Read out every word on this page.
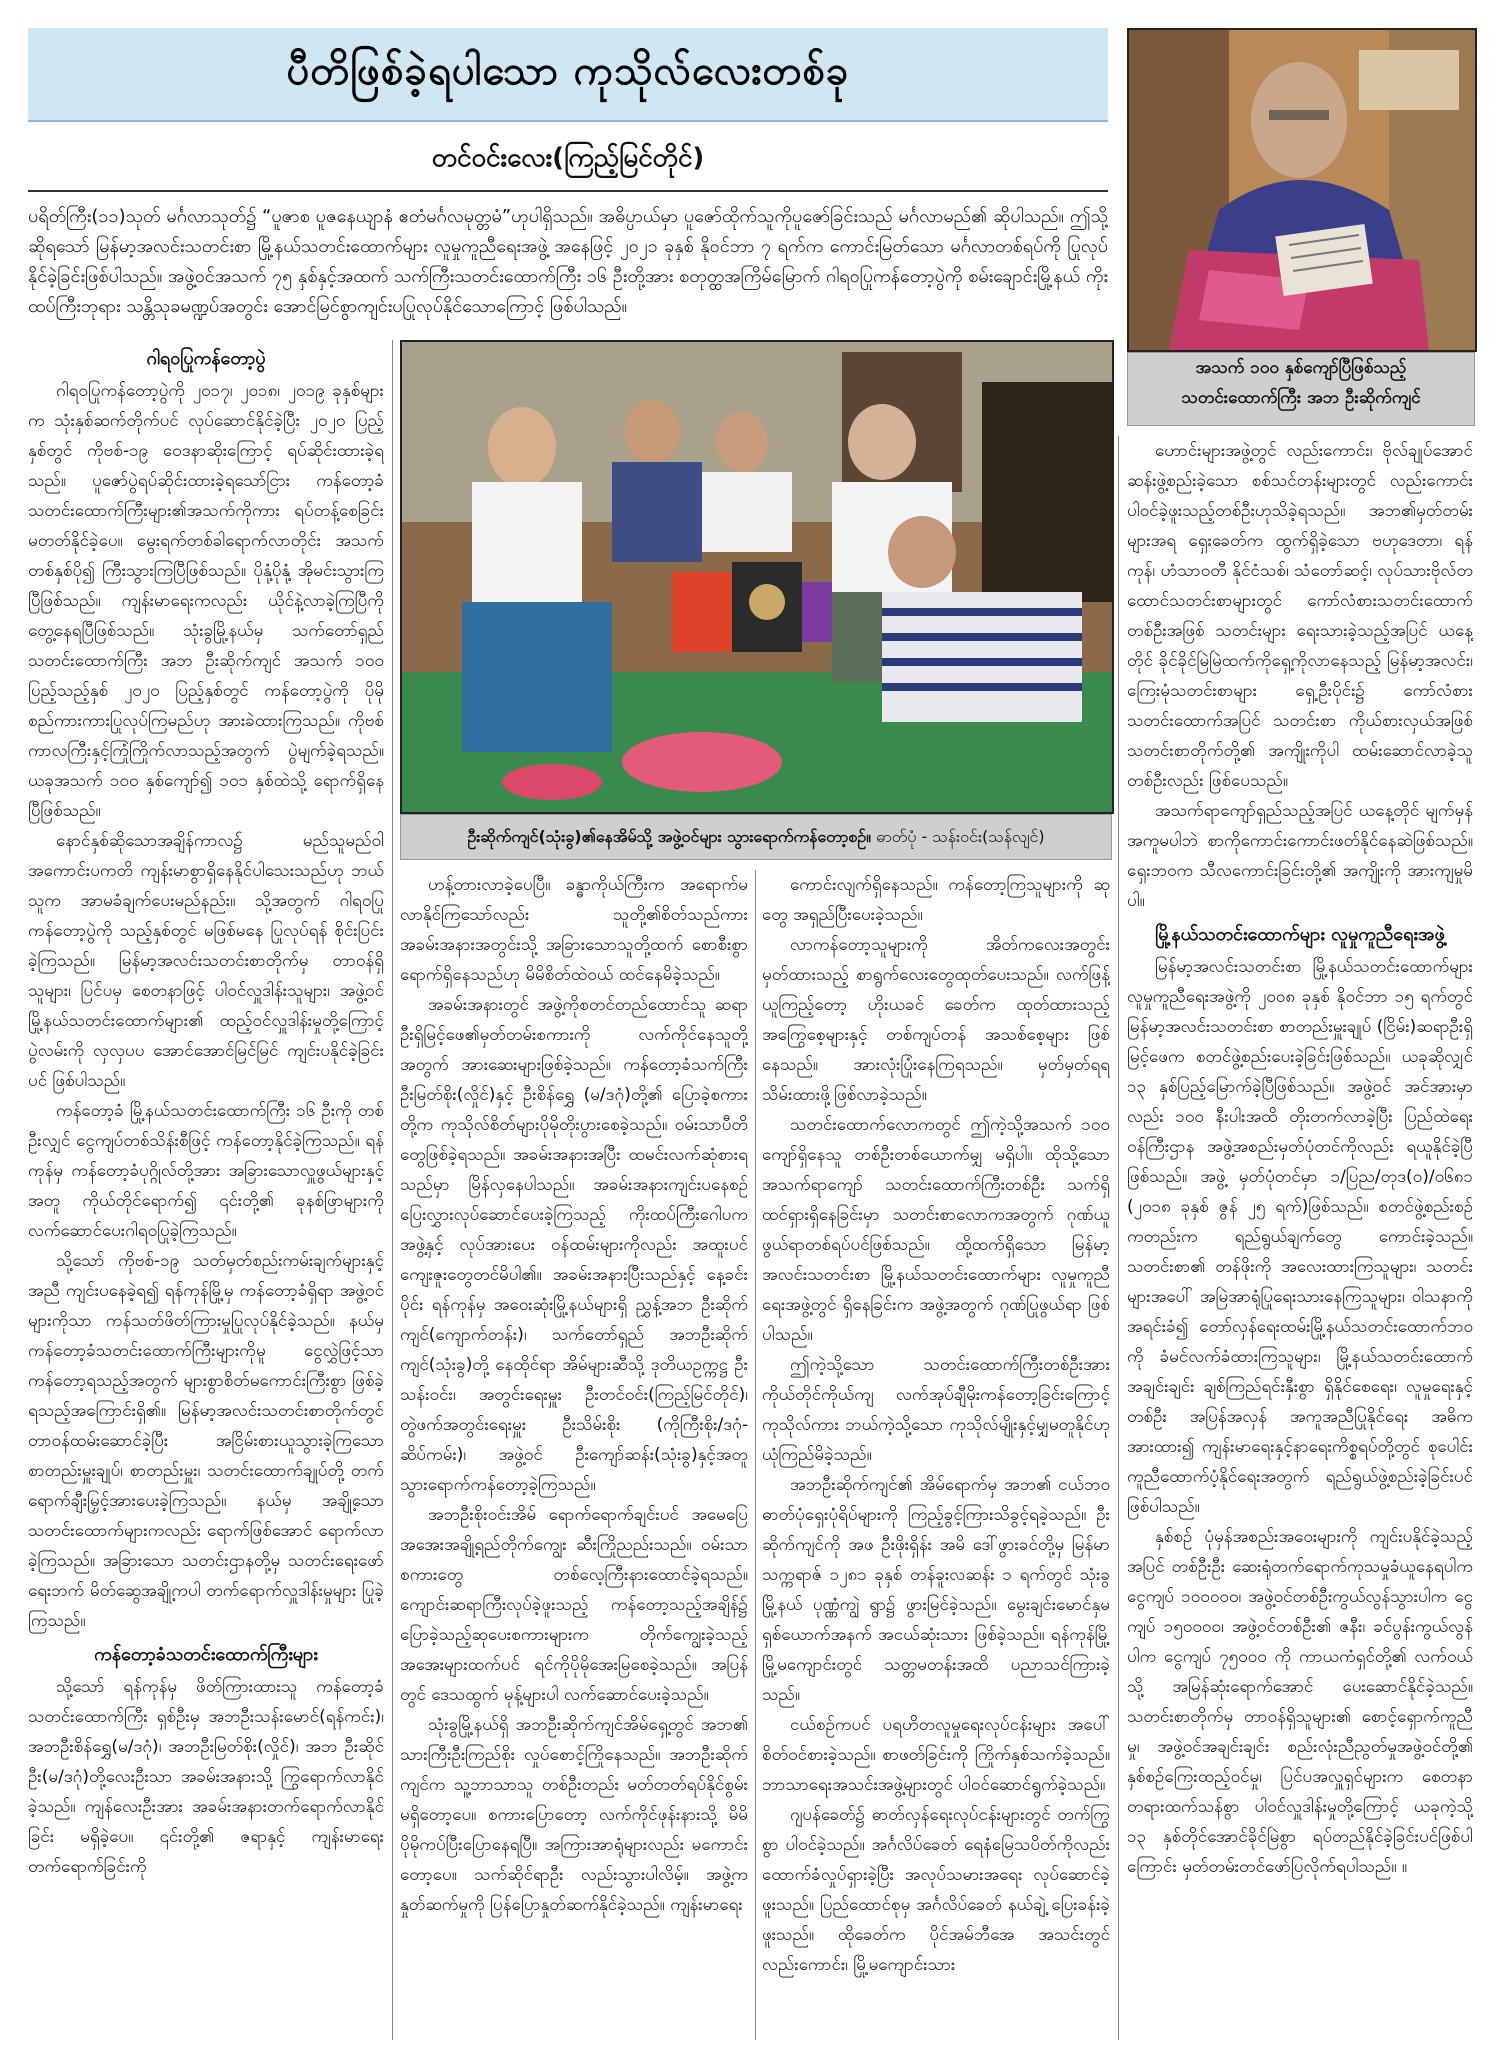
ပီတိဖြစ်ခဲ့ရပါသော ကုသိုလ်လေးတစ်ခု
တင်ဝင်းလေး(ကြည့်မြင်တိုင်)
ပရိတ်ကြီး(၁၁)သုတ် မင်္ဂလာသုတ်၌ “ပူဇာစ ပူဇနေယျာနံ ဧတံမင်္ဂလမုတ္တမံ”ဟုပါရှိသည်။ အဓိပ္ပာယ်မှာ ပူဇော်ထိုက်သူကိုပူဇော်ခြင်းသည် မင်္ဂလာမည်၏ ဆိုပါသည်။ ဤသို့ဆိုရသော် မြန်မာ့အလင်းသတင်းစာ မြို့နယ်သတင်းထောက်များ လူမှုကူညီရေးအဖွဲ့ အနေဖြင့် ၂၀၂၁ ခုနှစ် နိုဝင်ဘာ ၇ ရက်က ကောင်းမြတ်သော မင်္ဂလာတစ်ရပ်ကို ပြုလုပ်နိုင်ခဲ့ခြင်းဖြစ်ပါသည်။ အဖွဲ့ဝင်အသက် ၇၅ နှစ်နှင့်အထက် သက်ကြီးသတင်းထောက်ကြီး ၁၆ ဦးတို့အား စတုတ္ထအကြိမ်မြောက် ဂါရဝပြုကန်တော့ပွဲကို စမ်းချောင်းမြို့နယ် ကိုးထပ်ကြီးဘုရား သန္တိသုခမဏ္ဍပ်အတွင်း အောင်မြင်စွာကျင်းပပြုလုပ်နိုင်သောကြောင့် ဖြစ်ပါသည်။
အသက် ၁၀၀ နှစ်ကျော်ပြီဖြစ်သည့်
သတင်းထောက်ကြီး အဘ ဦးဆိုက်ကျင်
ဦးဆိုက်ကျင်(သုံးခွ)၏နေအိမ်သို့ အဖွဲ့ဝင်များ သွားရောက်ကန်တော့စဉ်။ ဓာတ်ပုံ - သန်းဝင်း(သန်လျင်)
ဂါရဝပြုကန်တော့ပွဲ

ဂါရဝပြုကန်တော့ပွဲကို ၂၀၁၇၊ ၂၀၁၈၊ ၂၀၁၉ ခုနှစ်များက သုံးနှစ်ဆက်တိုက်ပင် လုပ်ဆောင်နိုင်ခဲ့ပြီး ၂၀၂၀ ပြည့်နှစ်တွင် ကိုဗစ်-၁၉ ဝေဒနာဆိုးကြောင့် ရပ်ဆိုင်းထားခဲ့ရသည်။ ပူဇော်ပွဲရပ်ဆိုင်းထားခဲ့ရသော်ငြား ကန်တော့ခံသတင်းထောက်ကြီးများ၏အသက်ကိုကား ရပ်တန့်စေခြင်း မတတ်နိုင်ခဲ့ပေ။ မွေးရက်တစ်ခါရောက်လာတိုင်း အသက်တစ်နှစ်ပို၍ ကြီးသွားကြပြီဖြစ်သည်။ ပိုနုံ့ပိုနုံ့ အိုမင်းသွားကြပြီဖြစ်သည်။ ကျန်းမာရေးကလည်း ယိုင်နဲ့လာခဲ့ကြပြီကို တွေ့နေရပြီဖြစ်သည်။ သုံးခွမြို့နယ်မှ သက်တော်ရှည်သတင်းထောက်ကြီး အဘ ဦးဆိုက်ကျင် အသက် ၁၀၀ ပြည့်သည့်နှစ် ၂၀၂၀ ပြည့်နှစ်တွင် ကန်တော့ပွဲကို ပိုမိုစည်ကားကားပြုလုပ်ကြမည်ဟု အားခဲထားကြသည်။ ကိုဗစ်ကာလကြီးနှင့်ကြုံကြိုက်လာသည့်အတွက် ပွဲမျက်ခဲ့ရသည်။ ယခုအသက် ၁၀၀ နှစ်ကျော်၍ ၁၀၁ နှစ်ထဲသို့ ရောက်ရှိနေပြီဖြစ်သည်။

နောင်နှစ်ဆိုသောအချိန်ကာလ၌ မည်သူမည်ဝါ အကောင်းပကတိ ကျန်းမာစွာရှိနေနိုင်ပါသေးသည်ဟု ဘယ်သူက အာမခံချက်ပေးမည်နည်း။ သို့အတွက် ဂါရဝပြုကန်တော့ပွဲကို သည့်နှစ်တွင် မဖြစ်မနေ ပြုလုပ်ရန် စိုင်းပြင်းခဲ့ကြသည်။ မြန်မာ့အလင်းသတင်းစာတိုက်မှ တာဝန်ရှိသူများ၊ ပြင်ပမှ စေတနာဖြင့် ပါဝင်လှူဒါန်းသူများ၊ အဖွဲ့ဝင်မြို့နယ်သတင်းထောက်များ၏ ထည့်ဝင်လှူဒါန်းမှုတို့ကြောင့် ပွဲလမ်းကို လှလှပပ အောင်အောင်မြင်မြင် ကျင်းပနိုင်ခဲ့ခြင်းပင် ဖြစ်ပါသည်။

ကန်တော့ခံ မြို့နယ်သတင်းထောက်ကြီး ၁၆ ဦးကို တစ်ဦးလျှင် ငွေကျပ်တစ်သိန်းစီဖြင့် ကန်တော့နိုင်ခဲ့ကြသည်။ ရန်ကုန်မှ ကန်တော့ခံပုဂ္ဂိုလ်တို့အား အခြားသောလှူဖွယ်များနှင့်အတူ ကိုယ်တိုင်ရောက်၍ ၎င်းတို့၏ ခုနစ်ဖြာများကို လက်ဆောင်ပေးဂါရဝပြုခဲ့ကြသည်။

သို့သော် ကိုဗစ်-၁၉ သတ်မှတ်စည်းကမ်းချက်များနှင့်အညီ ကျင်းပနေခဲ့ရ၍ ရန်ကုန်မြို့မှ ကန်တော့ခံရှိရာ အဖွဲ့ဝင်များကိုသာ ကန်သတ်ဖိတ်ကြားမှုပြုလုပ်နိုင်ခဲ့သည်။ နယ်မှကန်တော့ခံသတင်းထောက်ကြီးများကိုမူ ငွေလွှဲဖြင့်သာ ကန်တော့ရသည့်အတွက် များစွာစိတ်မကောင်းကြီးစွာ ဖြစ်ခဲ့ရသည့်အကြောင်းရှိ၏။ မြန်မာ့အလင်းသတင်းစာတိုက်တွင် တာဝန်ထမ်းဆောင်ခဲ့ပြီး အငြိမ်းစားယူသွားခဲ့ကြသော စာတည်းမှူးချုပ်၊ စာတည်းမှူး၊ သတင်းထောက်ချုပ်တို့ တက်ရောက်ချီးမြှင့်အားပေးခဲ့ကြသည်။ နယ်မှ အချို့သော သတင်းထောက်များကလည်း ရောက်ဖြစ်အောင် ရောက်လာခဲ့ကြသည်။ အခြားသော သတင်းဌာနတို့မှ သတင်းရေးဖော်ရေးဘက် မိတ်ဆွေအချို့ကပါ တက်ရောက်လှူဒါန်းမှုများ ပြုခဲ့ကြသည်။

ကန်တော့ခံသတင်းထောက်ကြီးများ

သို့သော် ရန်ကုန်မှ ဖိတ်ကြားထားသူ ကန်တော့ခံသတင်းထောက်ကြီး ရှစ်ဦးမှ အဘဦးသန်းမောင်(ရန်ကင်း)၊ အဘဦးစိန်ရွှေ(မ/ဒဂုံ)၊ အဘဦးမြတ်စိုး(လှိုင်)၊ အဘ ဦးဆိုင်ဦး(မ/ဒဂုံ)တို့လေးဦးသာ အခမ်းအနားသို့ ကြွရောက်လာနိုင်ခဲ့သည်။ ကျန်လေးဦးအား အခမ်းအနားတက်ရောက်လာနိုင်ခြင်း မရှိခဲ့ပေ။ ၎င်းတို့၏ ဇရာနှင့် ကျန်းမာရေး တက်ရောက်ခြင်းကို

ဟန့်တားလာခဲ့ပေပြီ။ ခန္ဓာကိုယ်ကြီးက အရောက်မလာနိုင်ကြသော်လည်း သူတို့၏စိတ်သည်ကား အခမ်းအနားအတွင်းသို့ အခြားသောသူတို့ထက် စောစီးစွာ ရောက်ရှိနေသည်ဟု မိမိစိတ်ထဲဝယ် ထင်နေမိခဲ့သည်။

အခမ်းအနားတွင် အဖွဲ့ကိုစတင်တည်ထောင်သူ ဆရာဦးရှိမြင့်ဖေ၏မှတ်တမ်းစကားကို လက်ကိုင်နေသူတို့အတွက် အားဆေးများဖြစ်ခဲ့သည်။ ကန်တော့ခံသက်ကြီး ဦးမြတ်စိုး(လှိုင်)နှင့် ဦးစိန်ရွှေ (မ/ဒဂုံ)တို့၏ ပြောခဲ့စကားတို့က ကုသိုလ်စိတ်များပိုမိုတိုးပွားစေခဲ့သည်။ ဝမ်းသာပီတိတွေဖြစ်ခဲ့ရသည်။ အခမ်းအနားအပြီး ထမင်းလက်ဆုံစားရသည်မှာ မြိန်လှနေပါသည်။ အခမ်းအနားကျင်းပနေစဉ် ပြေးလွှားလုပ်ဆောင်ပေးခဲ့ကြသည့် ကိုးထပ်ကြီးဂေါပကအဖွဲ့နှင့် လုပ်အားပေး ဝန်ထမ်းများကိုလည်း အထူးပင်ကျေးဇူးတွေတင်မိပါ၏။ အခမ်းအနားပြီးသည်နှင့် နေ့ခင်းပိုင်း ရန်ကုန်မှ အဝေးဆုံးမြို့နယ်များရှိ ညွှန့်အဘ ဦးဆိုက်ကျင်(ကျောက်တန်း)၊ သက်တော်ရှည် အဘဦးဆိုက်ကျင်(သုံးခွ)တို့ နေထိုင်ရာ အိမ်များဆီသို့ ဒုတိယဥက္ကဋ္ဌ ဦးသန်းဝင်း၊ အတွင်းရေးမှူး ဦးတင်ဝင်း(ကြည့်မြင်တိုင်)၊ တွဲဖက်အတွင်းရေးမှူး ဦးသိမ်းစိုး (ကိုကြီးစိုး/ဒဂုံ-ဆိပ်ကမ်း)၊ အဖွဲ့ဝင် ဦးကျော်ဆန်း(သုံးခွ)နှင့်အတူ သွားရောက်ကန်တော့ခဲ့ကြသည်။

အဘဦးစိုးဝင်းအိမ် ရောက်ရောက်ချင်းပင် အမေပြေ အအေးအချို့ရည်တိုက်ကျွေး ဆီးကြိုညည်းသည်။ ဝမ်းသာစကားတွေ တစ်လေ့ကြီးနားထောင်ခဲ့ရသည်။ ကျောင်းဆရာကြီးလုပ်ခဲ့ဖူးသည့် ကန်တော့သည့်အချိန်၌ ပြောခဲ့သည့်ဆုပေးစကားများက တိုက်ကျွေးခဲ့သည့် အအေးများထက်ပင် ရင်ကိုပိုမိုအေးမြစေခဲ့သည်။ အပြန်တွင် ဒေသထွက် မုန့်များပါ လက်ဆောင်ပေးခဲ့သည်။

သုံးခွမြို့နယ်ရှိ အဘဦးဆိုက်ကျင်အိမ်ရှေ့တွင် အဘ၏ သားကြီးဦးကြည်စိုး လှုပ်စောင့်ကြိုနေသည်။ အဘဦးဆိုက်ကျင်က သူ့ဘာသာသူ တစ်ဦးတည်း မတ်တတ်ရပ်နိုင်စွမ်း မရှိတော့ပေ။ စကားပြောတော့ လက်ကိုင်ဖုန်းနားသို့ မိမိပိုမိုကပ်ပြီးပြောနေရပြီ။ အကြားအာရုံများလည်း မကောင်းတော့ပေ။ သက်ဆိုင်ရာဦး လည်းသွားပါလိမ့်။ အဖွဲ့က နှုတ်ဆက်မှုကို ပြန်ပြောနှုတ်ဆက်နိုင်ခဲ့သည်။ ကျန်းမာရေး

ကောင်းလျက်ရှိနေသည်။ ကန်တော့ကြသူများကို ဆုတွေ အရှည်ပြီးပေးခဲ့သည်။

လာကန်တော့သူများကို အိတ်ကလေးအတွင်း မှတ်ထားသည့် စာရွက်လေးတွေထုတ်ပေးသည်။ လက်ဖြန့်ယူကြည့်တော့ ဟိုးယခင် ခေတ်က ထုတ်ထားသည့် အကြွေစေ့များနှင့် တစ်ကျပ်တန် အသစ်စေ့များ ဖြစ်နေသည်။ အားလုံးပြုံးနေကြရသည်။ မှတ်မှတ်ရရ သိမ်းထားဖို့ဖြစ်လာခဲ့သည်။

သတင်းထောက်လောကတွင် ဤကဲ့သို့အသက် ၁၀၀ ကျော်ရှိနေသူ တစ်ဦးတစ်ယောက်မျှ မရှိပါ။ ထိုသို့သော အသက်ရာကျော် သတင်းထောက်ကြီးတစ်ဦး သက်ရှိထင်ရှားရှိနေခြင်းမှာ သတင်းစာလောကအတွက် ဂုဏ်ယူဖွယ်ရာတစ်ရပ်ပင်ဖြစ်သည်။ ထို့ထက်ရှိသော မြန်မာ့အလင်းသတင်းစာ မြို့နယ်သတင်းထောက်များ လူမှုကူညီရေးအဖွဲ့တွင် ရှိနေခြင်းက အဖွဲ့အတွက် ဂုဏ်ပြုဖွယ်ရာ ဖြစ်ပါသည်။

ဤကဲ့သို့သော သတင်းထောက်ကြီးတစ်ဦးအား ကိုယ်တိုင်ကိုယ်ကျ လက်အုပ်ချီမိုးကန်တော့ခြင်းကြောင့် ကုသိုလ်ကား ဘယ်ကဲ့သို့သော ကုသိုလ်မျိုးနှင့်မျှမတူနိုင်ဟု ယုံကြည်မိခဲ့သည်။

အဘဦးဆိုက်ကျင်၏ အိမ်ရောက်မှ အဘ၏ ငယ်ဘဝဓာတ်ပုံရှေးပုံရိပ်များကို ကြည့်ခွင့်ကြားသိခွင့်ရခဲ့သည်။ ဦးဆိုက်ကျင်ကို အဖ ဦးဖိုးရှိန်း အမိ ဒေါ်ဖွားခင်တို့မှ မြန်မာသက္ကရာဇ် ၁၂၈၁ ခုနှစ် တန်ခူးလဆန်း ၁ ရက်တွင် သုံးခွမြို့နယ် ပုဏ္ဏံကျွဲ ရွာ၌ ဖွားမြင်ခဲ့သည်။ မွေးချင်းမောင်နှမ ရှစ်ယောက်အနက် အငယ်ဆုံးသား ဖြစ်ခဲ့သည်။ ရန်ကုန်မြို့ မြို့မကျောင်းတွင် သတ္တမတန်းအထိ ပညာသင်ကြားခဲ့သည်။

ငယ်စဉ်ကပင် ပရဟိတလူမှုရေးလုပ်ငန်းများ အပေါ်စိတ်ဝင်စားခဲ့သည်။ စာဖတ်ခြင်းကို ကြိုက်နှစ်သက်ခဲ့သည်။ ဘာသာရေးအသင်းအဖွဲ့များတွင် ပါဝင်ဆောင်ရွက်ခဲ့သည်။

ဂျပန်ခေတ်၌ ဓာတ်လှန်ရေးလုပ်ငန်းများတွင် တက်ကြွစွာ ပါဝင်ခဲ့သည်။ အင်္ဂလိပ်ခေတ် ရေနံမြေသပိတ်ကိုလည်း ထောက်ခံလှုပ်ရှားခဲ့ပြီး အလုပ်သမားအရေး လုပ်ဆောင်ခဲ့ဖူးသည်။ ပြည်ထောင်စုမှ အင်္ဂလိပ်ခေတ် နယ်ချဲ့ ပြေးခန်းခဲ့ဖူးသည်။ ထိုခေတ်က ပိုင်အမ်ဘီအေ အသင်းတွင်လည်းကောင်း၊ မြို့မကျောင်းသား

ဟောင်းများအဖွဲ့တွင် လည်းကောင်း၊ ဗိုလ်ချုပ်အောင်ဆန်းဖွဲ့စည်းခဲ့သော စစ်သင်တန်းများတွင် လည်းကောင်း ပါဝင်ခဲ့ဖူးသည့်တစ်ဦးဟုသိခဲ့ရသည်။ အဘ၏မှတ်တမ်းများအရ ရှေးခေတ်က ထွက်ရှိခဲ့သော ဗဟုဒေတာ၊ ရန်ကုန်၊ ဟံသာဝတီ နိုင်ငံသစ်၊ သံတော်ဆင့်၊ လုပ်သားဗိုလ်တထောင်သတင်းစာများတွင် ကော်လံစားသတင်းထောက်တစ်ဦးအဖြစ် သတင်းများ ရေးသားခဲ့သည့်အပြင် ယနေ့တိုင် ခိုင်ခိုင်မြဲမြဲထက်ကိုရှေ့ကိုလာနေသည့် မြန်မာ့အလင်း၊ ကြေးမုံသတင်းစာများ ရှေ့ဦးပိုင်း၌ ကော်လံစားသတင်းထောက်အပြင် သတင်းစာ ကိုယ်စားလှယ်အဖြစ် သတင်းစာတိုက်တို့၏ အကျိုးကိုပါ ထမ်းဆောင်လာခဲ့သူတစ်ဦးလည်း ဖြစ်ပေသည်။

အသက်ရာကျော်ရှည်သည့်အပြင် ယနေ့တိုင် မျက်မှန်အကူမပါဘဲ စာကိုကောင်းကောင်းဖတ်နိုင်နေဆဲဖြစ်သည်။ ရှေးဘဝက သီလကောင်းခြင်းတို့၏ အကျိုးကို အားကျမှုမိပါ။

မြို့နယ်သတင်းထောက်များ လူမှုကူညီရေးအဖွဲ့

မြန်မာ့အလင်းသတင်းစာ မြို့နယ်သတင်းထောက်များ လူမှုကူညီရေးအဖွဲ့ကို ၂၀၀၈ ခုနှစ် နိုဝင်ဘာ ၁၅ ရက်တွင် မြန်မာ့အလင်းသတင်းစာ စာတည်းမှူးချုပ် (ငြိမ်း)ဆရာဦးရှိမြင့်ဖေက စတင်ဖွဲ့စည်းပေးခဲ့ခြင်းဖြစ်သည်။ ယခုဆိုလျှင် ၁၃ နှစ်ပြည့်မြောက်ခဲ့ပြီဖြစ်သည်။ အဖွဲ့ဝင် အင်အားမှာလည်း ၁၀၀ နီးပါးအထိ တိုးတက်လာခဲ့ပြီး ပြည်ထဲရေးဝန်ကြီးဌာန အဖွဲ့အစည်းမှတ်ပုံတင်ကိုလည်း ရယူနိုင်ခဲ့ပြီဖြစ်သည်။ အဖွဲ့ မှတ်ပုံတင်မှာ ၁/ပြည/တုဒ(၀)/၀၆၈၁ (၂၀၁၈ ခုနှစ် ဇွန် ၂၅ ရက်)ဖြစ်သည်။ စတင်ဖွဲ့စည်းစဉ်ကတည်းက ရည်ရွယ်ချက်တွေ ကောင်းခဲ့သည်။ သတင်းစာ၏ တန်ဖိုးကို အလေးထားကြသူများ၊ သတင်းများအပေါ် အမြဲအာရုံပြုရေးသားနေကြသူများ၊ ဝါသနာကိုအရင်းခံ၍ တော်လှန်ရေးထမ်းမြို့နယ်သတင်းထောက်ဘဝကို ခံမင်လက်ခံထားကြသူများ၊ မြို့နယ်သတင်းထောက် အချင်းချင်း ချစ်ကြည်ရင်းနှီးစွာ ရှိနိုင်စေရေး၊ လူမှုရေးနှင့်တစ်ဦး အပြန်အလှန် အကူအညီပြုနိုင်ရေး အဓိကအားထား၍ ကျန်းမာရေးနှင့်နာရေးကိစ္စရပ်တို့တွင် စုပေါင်းကူညီထောက်ပံ့နိုင်ရေးအတွက် ရည်ရွယ်ဖွဲ့စည်းခဲ့ခြင်းပင် ဖြစ်ပါသည်။

နှစ်စဉ် ပုံမှန်အစည်းအဝေးများကို ကျင်းပနိုင်ခဲ့သည့်အပြင် တစ်ဦးဦး ဆေးရုံတက်ရောက်ကုသမှုခံယူနေရပါက ငွေကျပ် ၁၀၀၀၀၀၊ အဖွဲ့ဝင်တစ်ဦးကွယ်လွန်သွားပါက ငွေကျပ် ၁၅၀၀၀၀၊ အဖွဲ့ဝင်တစ်ဦး၏ ဇနီး၊ ခင်ပွန်းကွယ်လွန်ပါက ငွေကျပ် ၇၅၀၀၀ ကို ကာယကံရှင်တို့၏ လက်ဝယ်သို့ အမြန်ဆုံးရောက်အောင် ပေးဆောင်နိုင်ခဲ့သည်။ သတင်းစာတိုက်မှ တာဝန်ရှိသူများ၏ စောင့်ရှောက်ကူညီမှု၊ အဖွဲ့ဝင်အချင်းချင်း စည်းလုံးညီညွတ်မှုအဖွဲ့ဝင်တို့၏ နှစ်စဉ်ကြေးထည့်ဝင်မှု၊ ပြင်ပအလှူရှင်များက စေတနာတရားထက်သန်စွာ ပါဝင်လှူဒါန်းမှုတို့ကြောင့် ယခုကဲ့သို့ ၁၃ နှစ်တိုင်အောင်ခိုင်မြဲစွာ ရပ်တည်နိုင်ခဲ့ခြင်းပင်ဖြစ်ပါကြောင်း မှတ်တမ်းတင်ဖော်ပြလိုက်ရပါသည်။ ။
